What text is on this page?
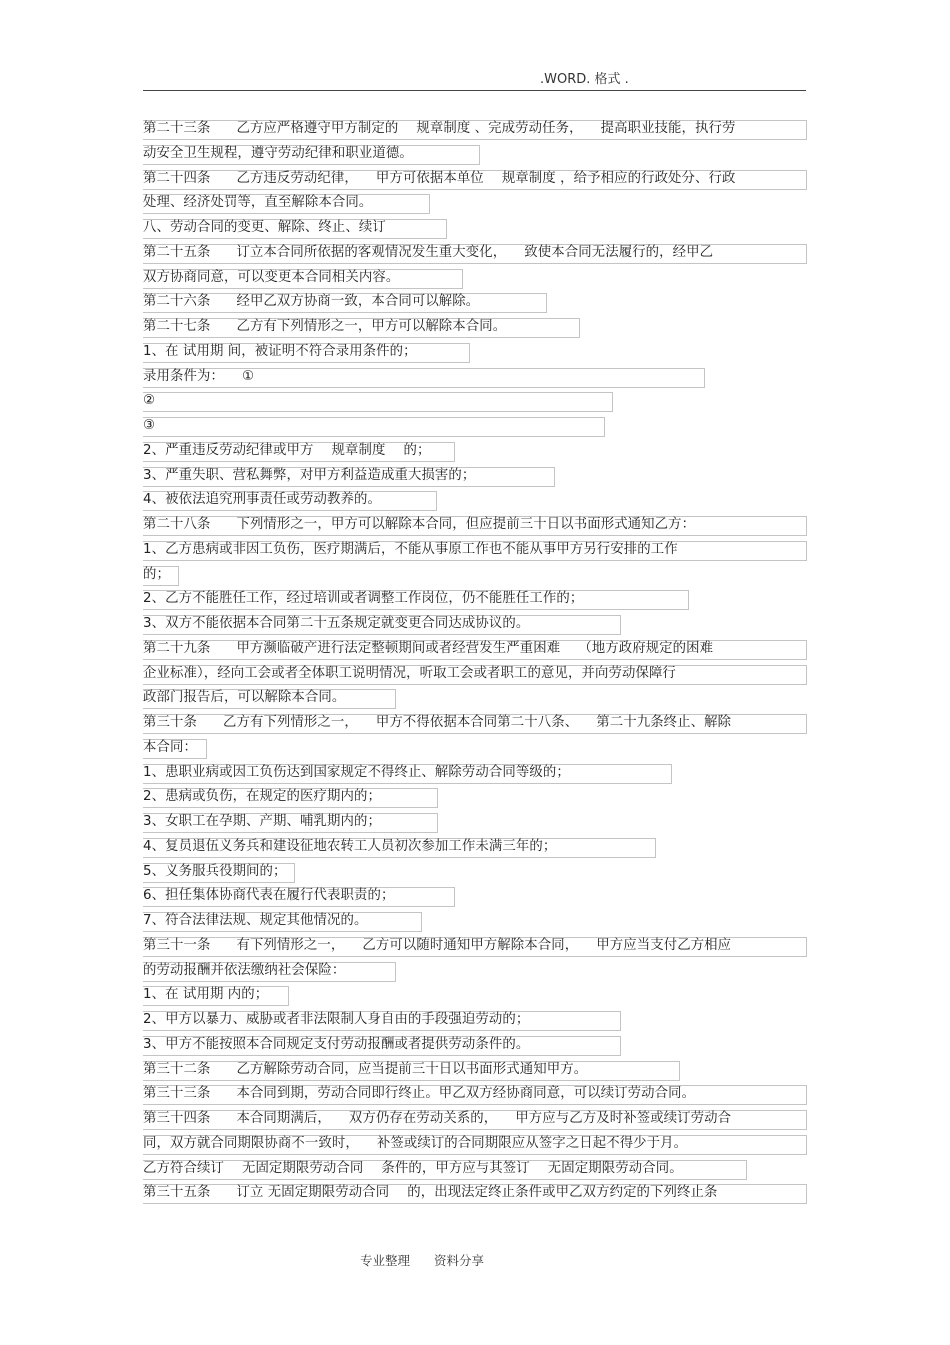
.WORD. 格式 .
第二十三条 乙方应严格遵守甲方制定的 规章制度 、完成劳动任务， 提高职业技能，执行劳
动安全卫生规程，遵守劳动纪律和职业道德。
第二十四条 乙方违反劳动纪律， 甲方可依据本单位 规章制度 ，给予相应的行政处分、行政
处理、经济处罚等，直至解除本合同。
八、劳动合同的变更、解除、终止、续订
第二十五条 订立本合同所依据的客观情况发生重大变化， 致使本合同无法履行的，经甲乙
双方协商同意，可以变更本合同相关内容。
第二十六条 经甲乙双方协商一致，本合同可以解除。
第二十七条 乙方有下列情形之一，甲方可以解除本合同。
1、在 试用期 间，被证明不符合录用条件的；
录用条件为： ①
②
③
2、严重违反劳动纪律或甲方 规章制度 的；
3、严重失职、营私舞弊，对甲方利益造成重大损害的；
4、被依法追究刑事责任或劳动教养的。
第二十八条 下列情形之一，甲方可以解除本合同，但应提前三十日以书面形式通知乙方：
1、乙方患病或非因工负伤，医疗期满后，不能从事原工作也不能从事甲方另行安排的工作
的；
2、乙方不能胜任工作，经过培训或者调整工作岗位，仍不能胜任工作的；
3、双方不能依据本合同第二十五条规定就变更合同达成协议的。
第二十九条 甲方濒临破产进行法定整顿期间或者经营发生严重困难 （地方政府规定的困难
企业标准），经向工会或者全体职工说明情况，听取工会或者职工的意见，并向劳动保障行
政部门报告后，可以解除本合同。
第三十条 乙方有下列情形之一， 甲方不得依据本合同第二十八条、 第二十九条终止、解除
本合同：
1、患职业病或因工负伤达到国家规定不得终止、解除劳动合同等级的；
2、患病或负伤，在规定的医疗期内的；
3、女职工在孕期、产期、哺乳期内的；
4、复员退伍义务兵和建设征地农转工人员初次参加工作未满三年的；
5、义务服兵役期间的；
6、担任集体协商代表在履行代表职责的；
7、符合法律法规、规定其他情况的。
第三十一条 有下列情形之一， 乙方可以随时通知甲方解除本合同， 甲方应当支付乙方相应
的劳动报酬并依法缴纳社会保险：
1、在 试用期 内的；
2、甲方以暴力、威胁或者非法限制人身自由的手段强迫劳动的；
3、甲方不能按照本合同规定支付劳动报酬或者提供劳动条件的。
第三十二条 乙方解除劳动合同，应当提前三十日以书面形式通知甲方。
第三十三条 本合同到期，劳动合同即行终止。甲乙双方经协商同意，可以续订劳动合同。
第三十四条 本合同期满后， 双方仍存在劳动关系的， 甲方应与乙方及时补签或续订劳动合
同，双方就合同期限协商不一致时， 补签或续订的合同期限应从签字之日起不得少于月。
乙方符合续订 无固定期限劳动合同 条件的，甲方应与其签订 无固定期限劳动合同。
第三十五条 订立 无固定期限劳动合同 的，出现法定终止条件或甲乙双方约定的下列终止条
专业整理 资料分享
